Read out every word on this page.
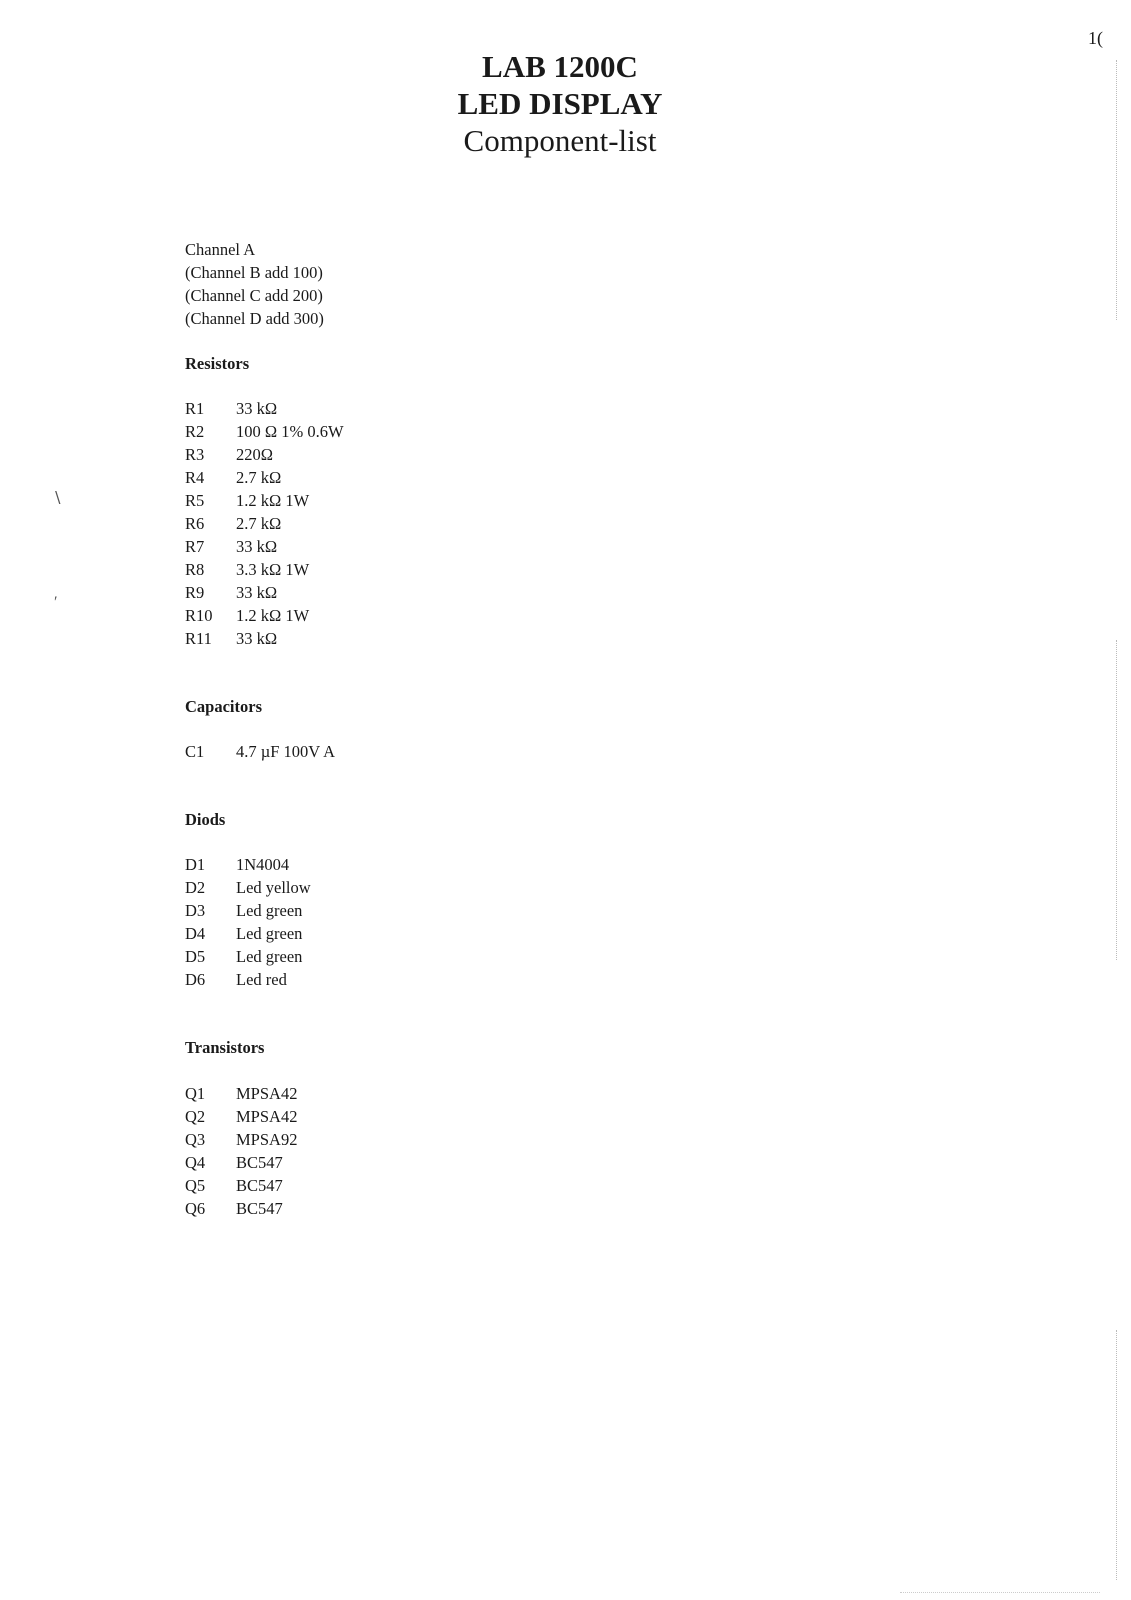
1(
LAB 1200C
LED DISPLAY
Component-list
Channel A
(Channel B add 100)
(Channel C add 200)
(Channel D add 300)
Resistors
R1	33 kΩ
R2	100 Ω 1% 0.6W
R3	220Ω
R4	2.7 kΩ
R5	1.2 kΩ 1W
R6	2.7 kΩ
R7	33 kΩ
R8	3.3 kΩ 1W
R9	33 kΩ
R10	1.2 kΩ 1W
R11	33 kΩ
Capacitors
C1	4.7 µF 100V A
Diods
D1	1N4004
D2	Led yellow
D3	Led green
D4	Led green
D5	Led green
D6	Led red
Transistors
Q1	MPSA42
Q2	MPSA42
Q3	MPSA92
Q4	BC547
Q5	BC547
Q6	BC547
∖
′
